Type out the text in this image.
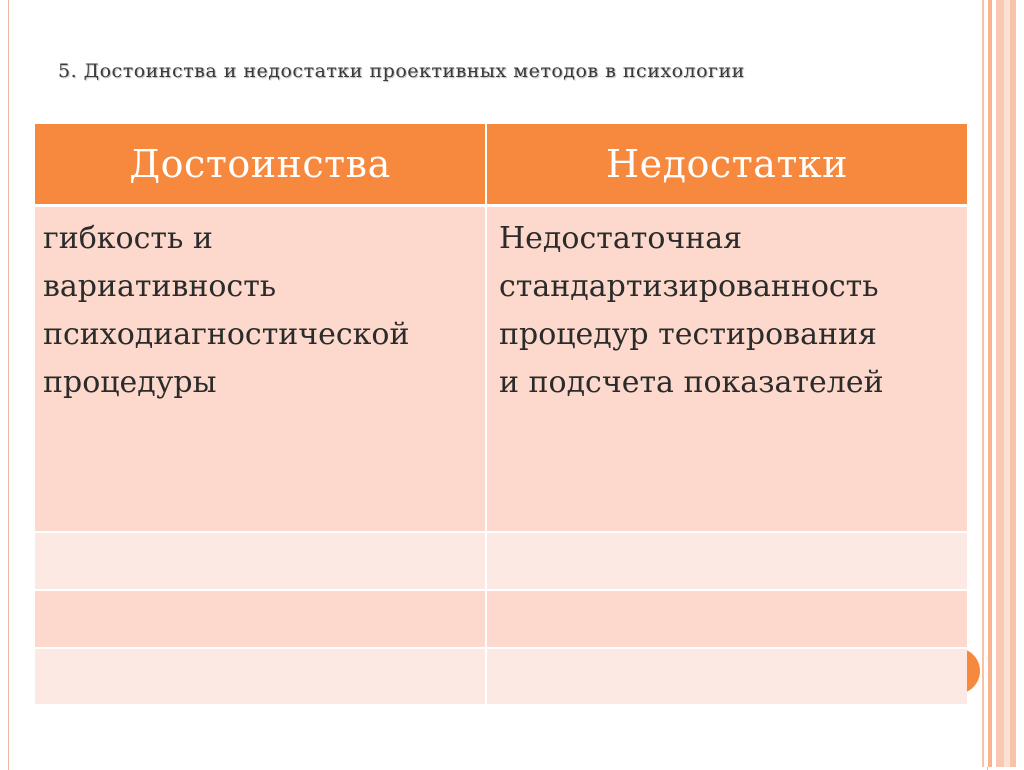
5. Достоинства и недостатки проективных методов в психологии
Достоинства	Недостатки
гибкость и
вариативность
психодиагностической
процедуры
Недостаточная
стандартизированность
процедур тестирования
и подсчета показателей
